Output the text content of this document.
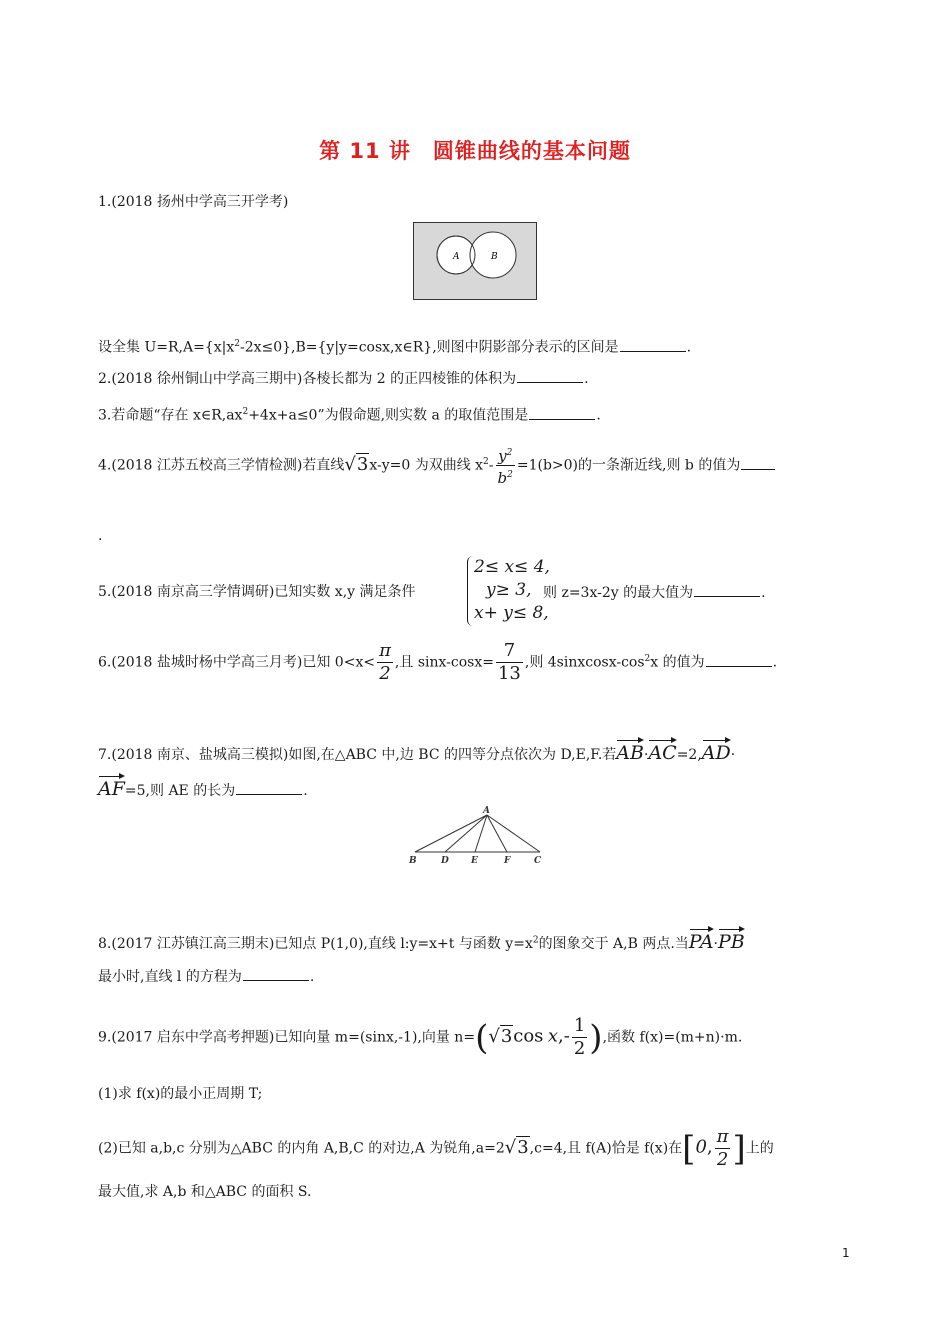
第 11 讲　圆锥曲线的基本问题
1.(2018 扬州中学高三开学考)
A	B
设全集 $U=R,A=\{x|x^2-2x\le 0\},B=\{y|y=\cos x,x\in R\}$,则图中阴影部分表示的区间是	.
2.(2018 徐州铜山中学高三期中)各棱长都为 2 的正四棱锥的体积为	.
3.若命题“存在 $x\in R,ax^2+4x+a\le 0$”为假命题,则实数 a 的取值范围是	.
4.(2018 江苏五校高三学情检测)若直线√3x-y=0 为双曲线 $x^2- \frac{y^2}{b^2} =1(b>0)$的一条渐近线,则 b 的值为
.
5.(2018 南京高三学情调研)已知实数 x,y 满足条件
2≤ x≤ 4,
y≥ 3,
x+ y≤ 8,
则 z=3x-2y 的最大值为	.
6.(2018 盐城时杨中学高三月考)已知 $0<x< \frac{\pi}{2}$ ,且 $\sin x-\cos x= \frac{7}{13}$ ,则 $4sinxcosx-\cos^2x$ 的值为	.
7.(2018 南京、盐城高三模拟)如图,在△ABC 中,边 BC 的四等分点依次为 D,E,F.若AB·AC=2,AD·
AF=5,则 AE 的长为	.
A
B	D E	F	C
8.(2017 江苏镇江高三期末)已知点 P(1,0),直线 l:y=x+t 与函数 $y=x^2$的图象交于 A,B 两点.当PA·PB
最小时,直线 l 的方程为	.
9.(2017 启东中学高考押题)已知向量 m=(sinx,-1),向量 n=(√3cos $x,- \frac{1}{2}$ ),函数 f(x)=(m+n)·m.
(1)求 f(x)的最小正周期 T;
(2)已知 a,b,c 分别为△ABC 的内角 A,B,C 的对边,A 为锐角,a=2√3,c=4,且 f(A)恰是 f(x)在[0, $\frac{\pi}{2}$ ]上的
最大值,求 A,b 和△ABC 的面积 S.
1
